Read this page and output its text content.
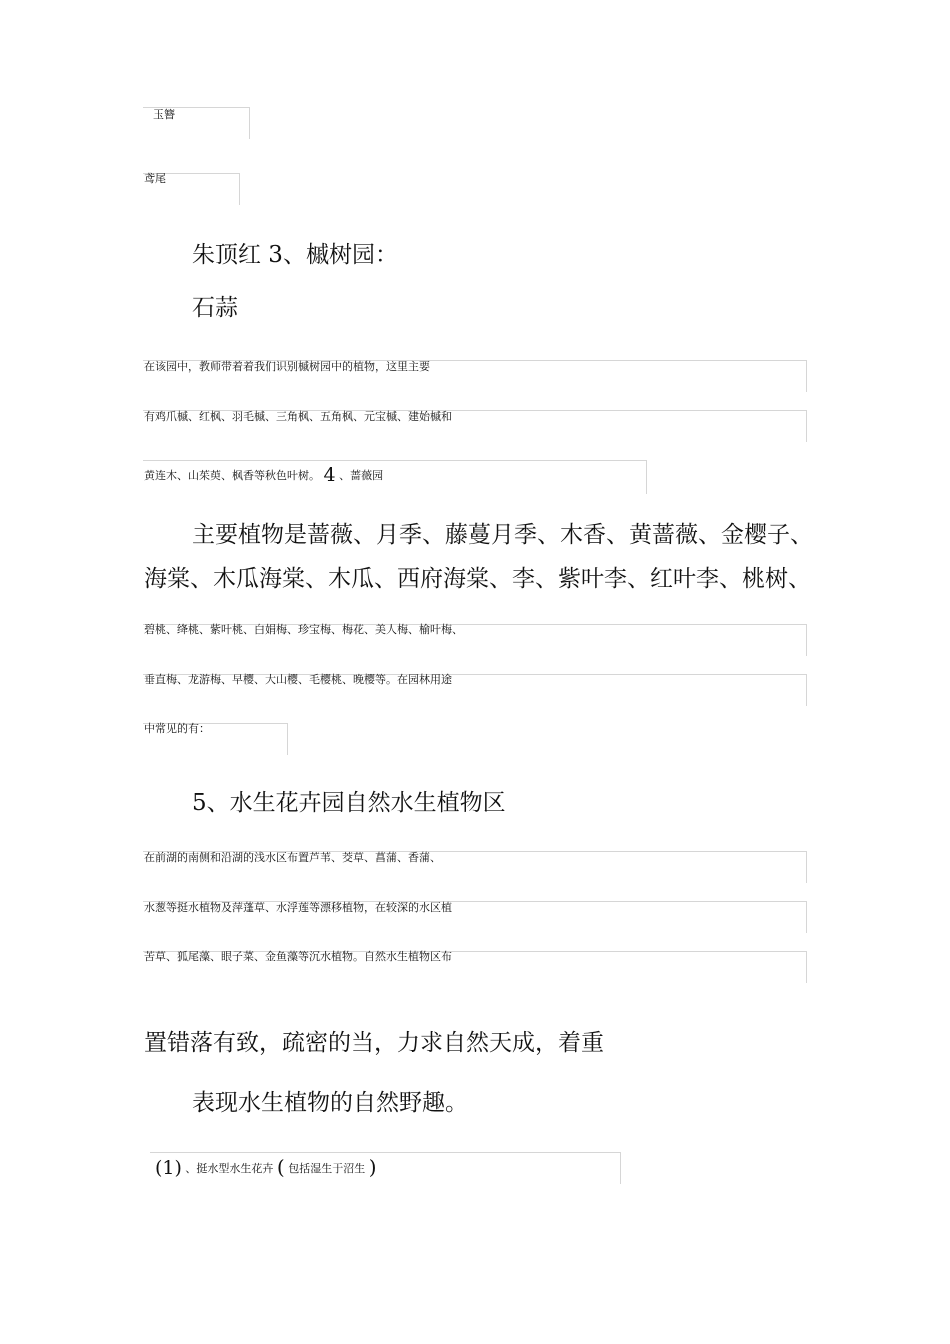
玉簪
鸢尾
朱顶红 3、槭树园：
石蒜
在该园中，教师带着着我们识别槭树园中的植物，这里主要
有鸡爪槭、红枫、羽毛槭、三角枫、五角枫、元宝槭、建始槭和
黄连木、山茱萸、枫香等秋色叶树。 4 、蔷薇园
主要植物是蔷薇、月季、藤蔓月季、木香、黄蔷薇、金樱子、
海棠、木瓜海棠、木瓜、西府海棠、李、紫叶李、红叶李、桃树、
碧桃、绛桃、紫叶桃、白娟梅、珍宝梅、梅花、美人梅、榆叶梅、
垂直梅、龙游梅、早樱、大山樱、毛樱桃、晚樱等。在园林用途
中常见的有：
5、水生花卉园自然水生植物区
在前湖的南侧和沿湖的浅水区布置芦苇、茭草、菖蒲、香蒲、
水葱等挺水植物及萍蓬草、水浮莲等漂移植物，在较深的水区植
苦草、狐尾藻、眼子菜、金鱼藻等沉水植物。自然水生植物区布
置错落有致，疏密的当，力求自然天成，着重
表现水生植物的自然野趣。
(1) 、挺水型水生花卉 ( 包括湿生于沼生 )
